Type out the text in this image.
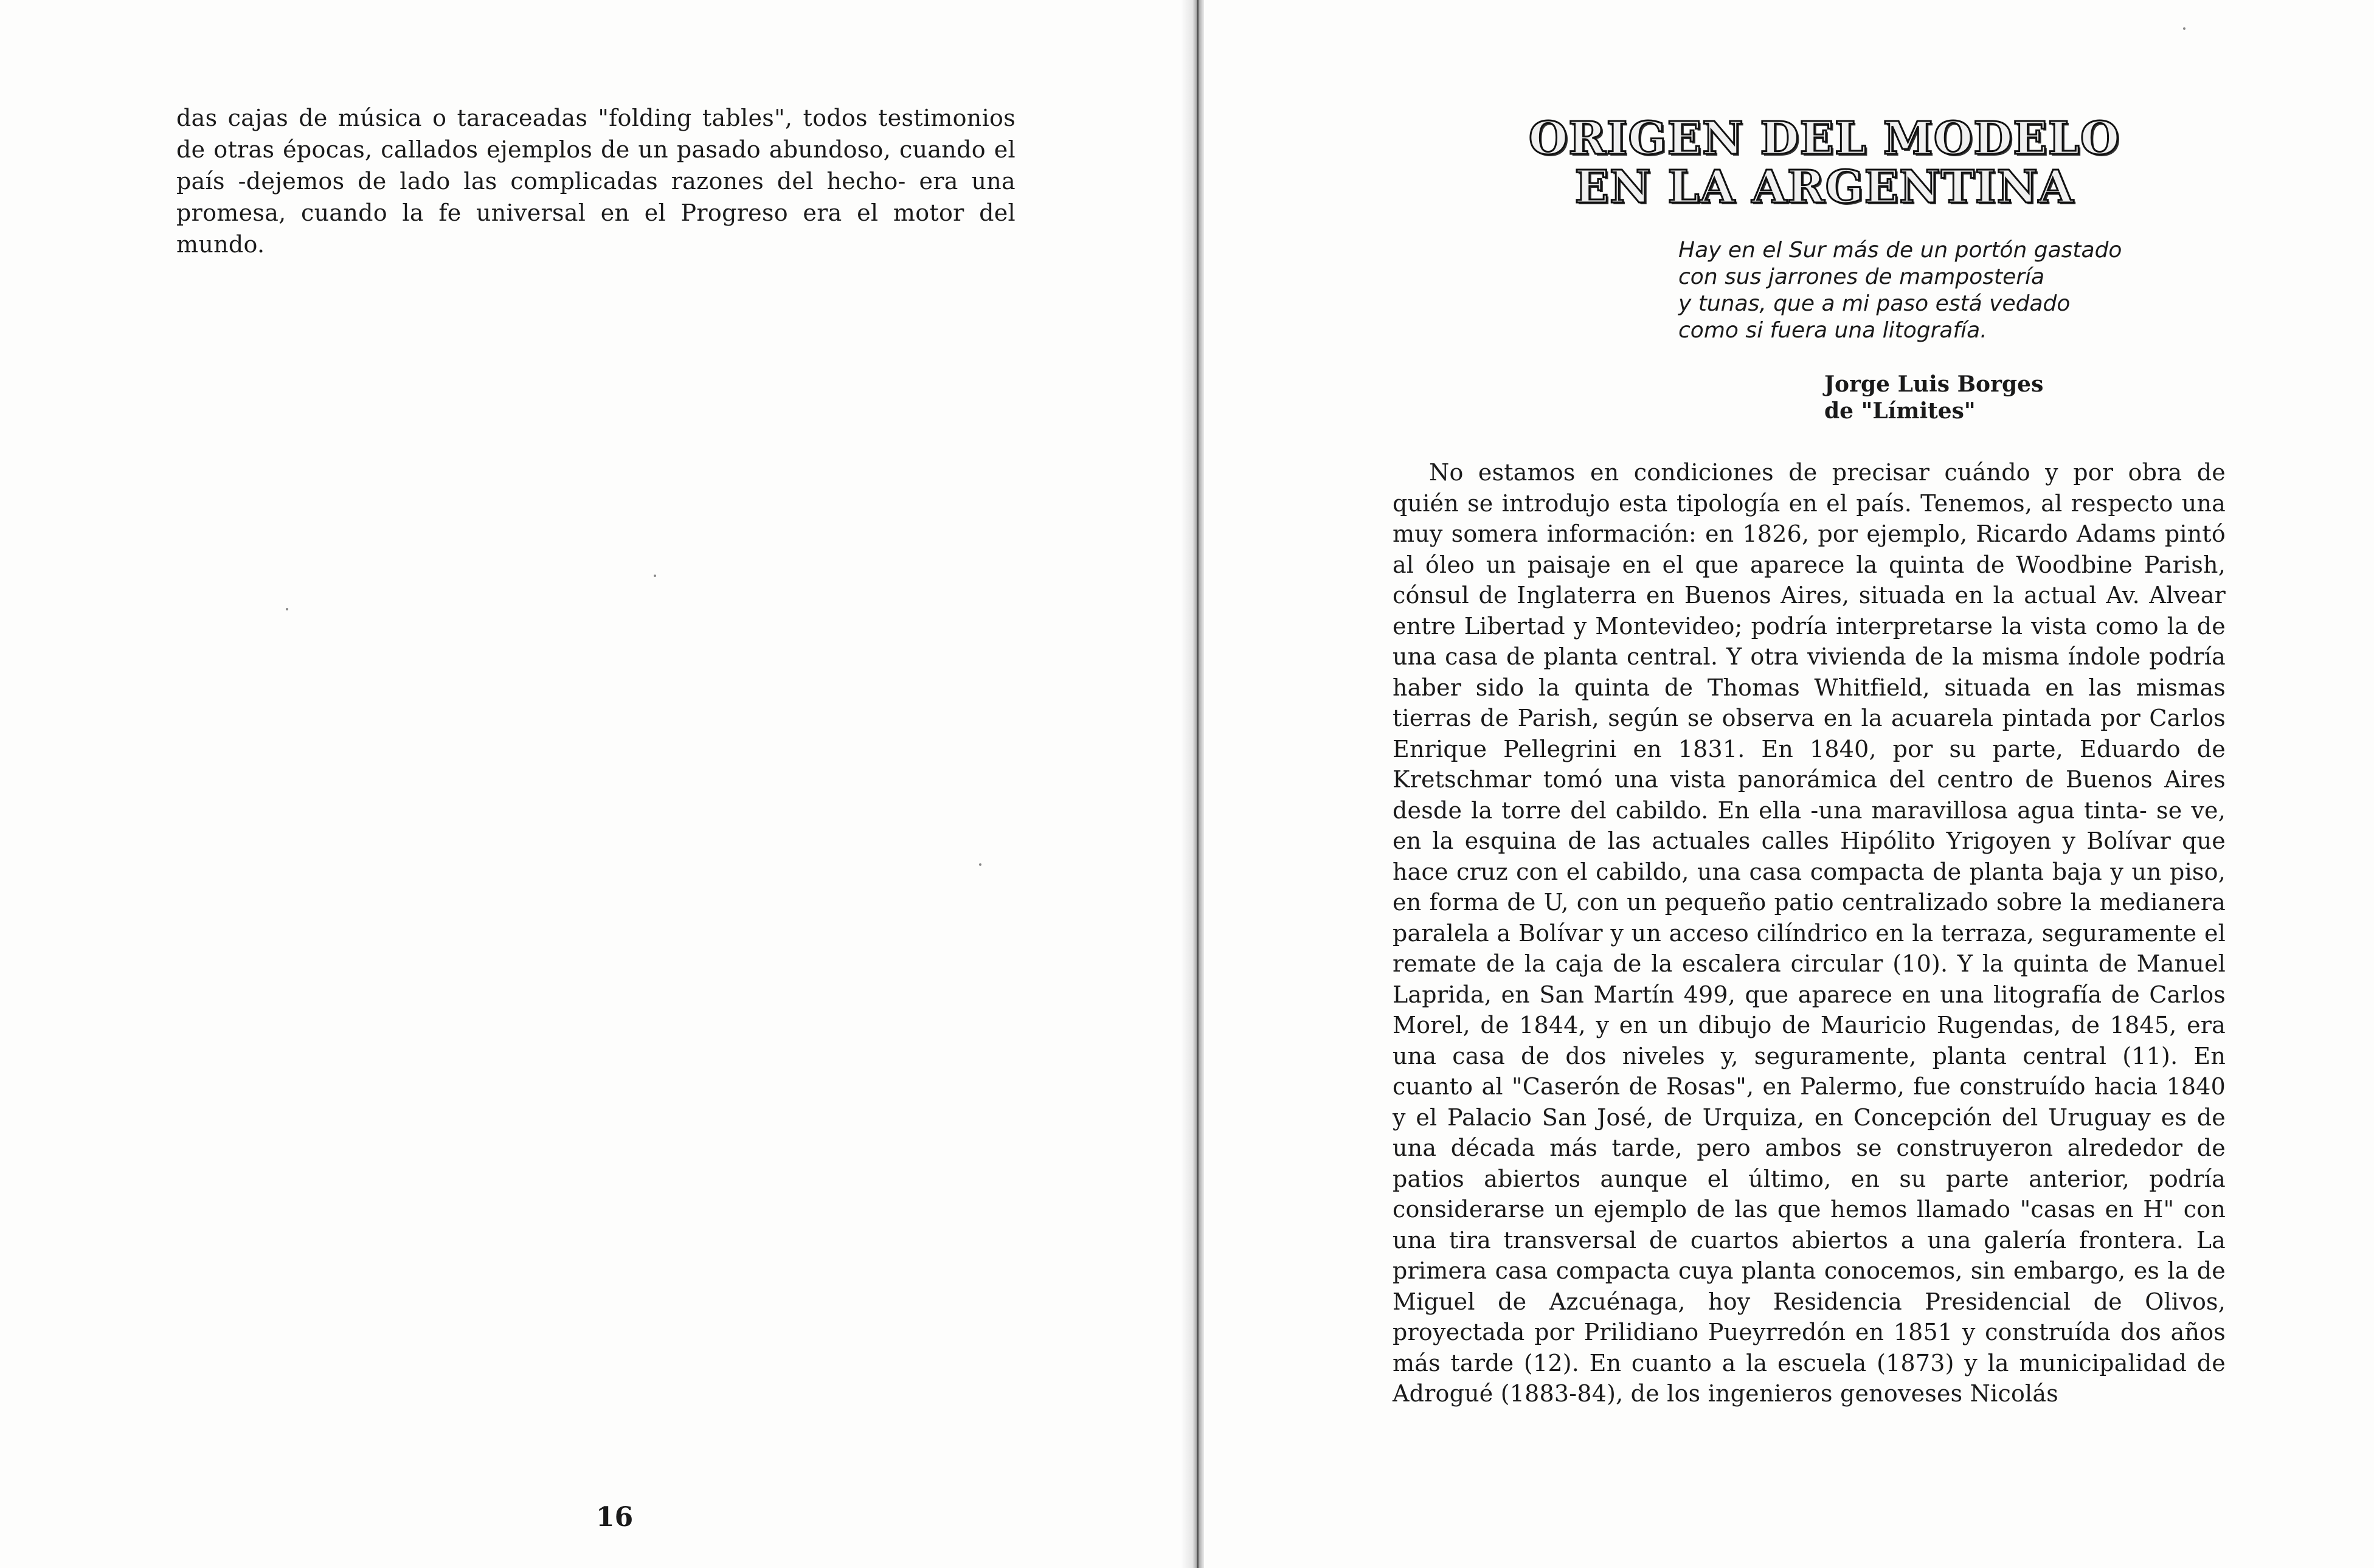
das cajas de música o taraceadas "folding tables", todos testimonios de otras épocas, callados ejemplos de un pasado abundoso, cuando el país -dejemos de lado las complicadas razones del hecho- era una promesa, cuando la fe universal en el Progreso era el motor del mundo.

16
ORIGEN DEL MODELO
EN LA ARGENTINA
Hay en el Sur más de un portón gastado
con sus jarrones de mampostería
y tunas, que a mi paso está vedado
como si fuera una litografía.
Jorge Luis Borges
de "Límites"

No estamos en condiciones de precisar cuándo y por obra de quién se introdujo esta tipología en el país. Tenemos, al respecto una muy somera información: en 1826, por ejemplo, Ricardo Adams pintó al óleo un paisaje en el que aparece la quinta de Woodbine Parish, cónsul de Inglaterra en Buenos Aires, situada en la actual Av. Alvear entre Libertad y Montevideo; podría interpretarse la vista como la de una casa de planta central. Y otra vivienda de la misma índole podría haber sido la quinta de Thomas Whitfield, situada en las mismas tierras de Parish, según se observa en la acuarela pintada por Carlos Enrique Pellegrini en 1831. En 1840, por su parte, Eduardo de Kretschmar tomó una vista panorámica del centro de Buenos Aires desde la torre del cabildo. En ella -una maravillosa agua tinta- se ve, en la esquina de las actuales calles Hipólito Yrigoyen y Bolívar que hace cruz con el cabildo, una casa compacta de planta baja y un piso, en forma de U, con un pequeño patio centralizado sobre la medianera paralela a Bolívar y un acceso cilíndrico en la terraza, seguramente el remate de la caja de la escalera circular (10). Y la quinta de Manuel Laprida, en San Martín 499, que aparece en una litografía de Carlos Morel, de 1844, y en un dibujo de Mauricio Rugendas, de 1845, era una casa de dos niveles y, seguramente, planta central (11). En cuanto al "Caserón de Rosas", en Palermo, fue construído hacia 1840 y el Palacio San José, de Urquiza, en Concepción del Uruguay es de una década más tarde, pero ambos se construyeron alrededor de patios abiertos aunque el último, en su parte anterior, podría considerarse un ejemplo de las que hemos llamado "casas en H" con una tira transversal de cuartos abiertos a una galería frontera. La primera casa compacta cuya planta conocemos, sin embargo, es la de Miguel de Azcuénaga, hoy Residencia Presidencial de Olivos, proyectada por Prilidiano Pueyrredón en 1851 y construída dos años más tarde (12). En cuanto a la escuela (1873) y la municipalidad de Adrogué (1883-84), de los ingenieros genoveses Nicolás
